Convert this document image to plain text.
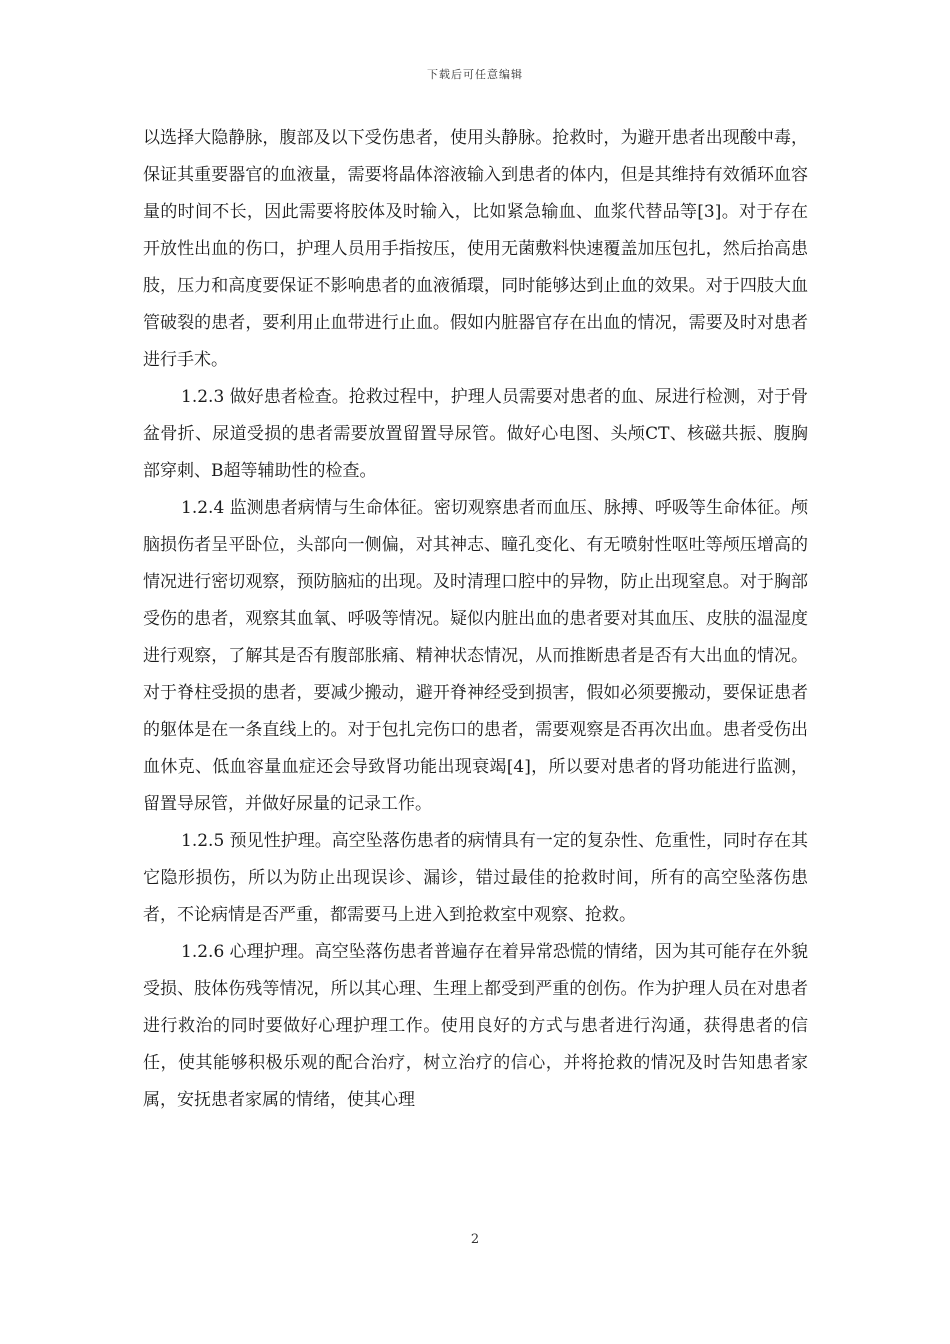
下载后可任意编辑

以选择大隐静脉，腹部及以下受伤患者，使用头静脉。抢救时，为避开患者出现酸中毒，保证其重要器官的血液量，需要将晶体溶液输入到患者的体内，但是其维持有效循环血容量的时间不长，因此需要将胶体及时输入，比如紧急输血、血浆代替品等[3]。对于存在开放性出血的伤口，护理人员用手指按压，使用无菌敷料快速覆盖加压包扎，然后抬高患肢，压力和高度要保证不影响患者的血液循環，同时能够达到止血的效果。对于四肢大血管破裂的患者，要利用止血带进行止血。假如内脏器官存在出血的情况，需要及时对患者进行手术。

1.2.3 做好患者检查。抢救过程中，护理人员需要对患者的血、尿进行检测，对于骨盆骨折、尿道受损的患者需要放置留置导尿管。做好心电图、头颅CT、核磁共振、腹胸部穿刺、B超等辅助性的检查。

1.2.4 监测患者病情与生命体征。密切观察患者而血压、脉搏、呼吸等生命体征。颅脑损伤者呈平卧位，头部向一侧偏，对其神志、瞳孔变化、有无喷射性呕吐等颅压增高的情况进行密切观察，预防脑疝的出现。及时清理口腔中的异物，防止出现窒息。对于胸部受伤的患者，观察其血氧、呼吸等情况。疑似内脏出血的患者要对其血压、皮肤的温湿度进行观察，了解其是否有腹部胀痛、精神状态情况，从而推断患者是否有大出血的情况。对于脊柱受损的患者，要减少搬动，避开脊神经受到损害，假如必须要搬动，要保证患者的躯体是在一条直线上的。对于包扎完伤口的患者，需要观察是否再次出血。患者受伤出血休克、低血容量血症还会导致肾功能出现衰竭[4]，所以要对患者的肾功能进行监测，留置导尿管，并做好尿量的记录工作。

1.2.5 预见性护理。高空坠落伤患者的病情具有一定的复杂性、危重性，同时存在其它隐形损伤，所以为防止出现误诊、漏诊，错过最佳的抢救时间，所有的高空坠落伤患者，不论病情是否严重，都需要马上进入到抢救室中观察、抢救。

1.2.6 心理护理。高空坠落伤患者普遍存在着异常恐慌的情绪，因为其可能存在外貌受损、肢体伤残等情况，所以其心理、生理上都受到严重的创伤。作为护理人员在对患者进行救治的同时要做好心理护理工作。使用良好的方式与患者进行沟通，获得患者的信任，使其能够积极乐观的配合治疗，树立治疗的信心，并将抢救的情况及时告知患者家属，安抚患者家属的情绪，使其心理

2
